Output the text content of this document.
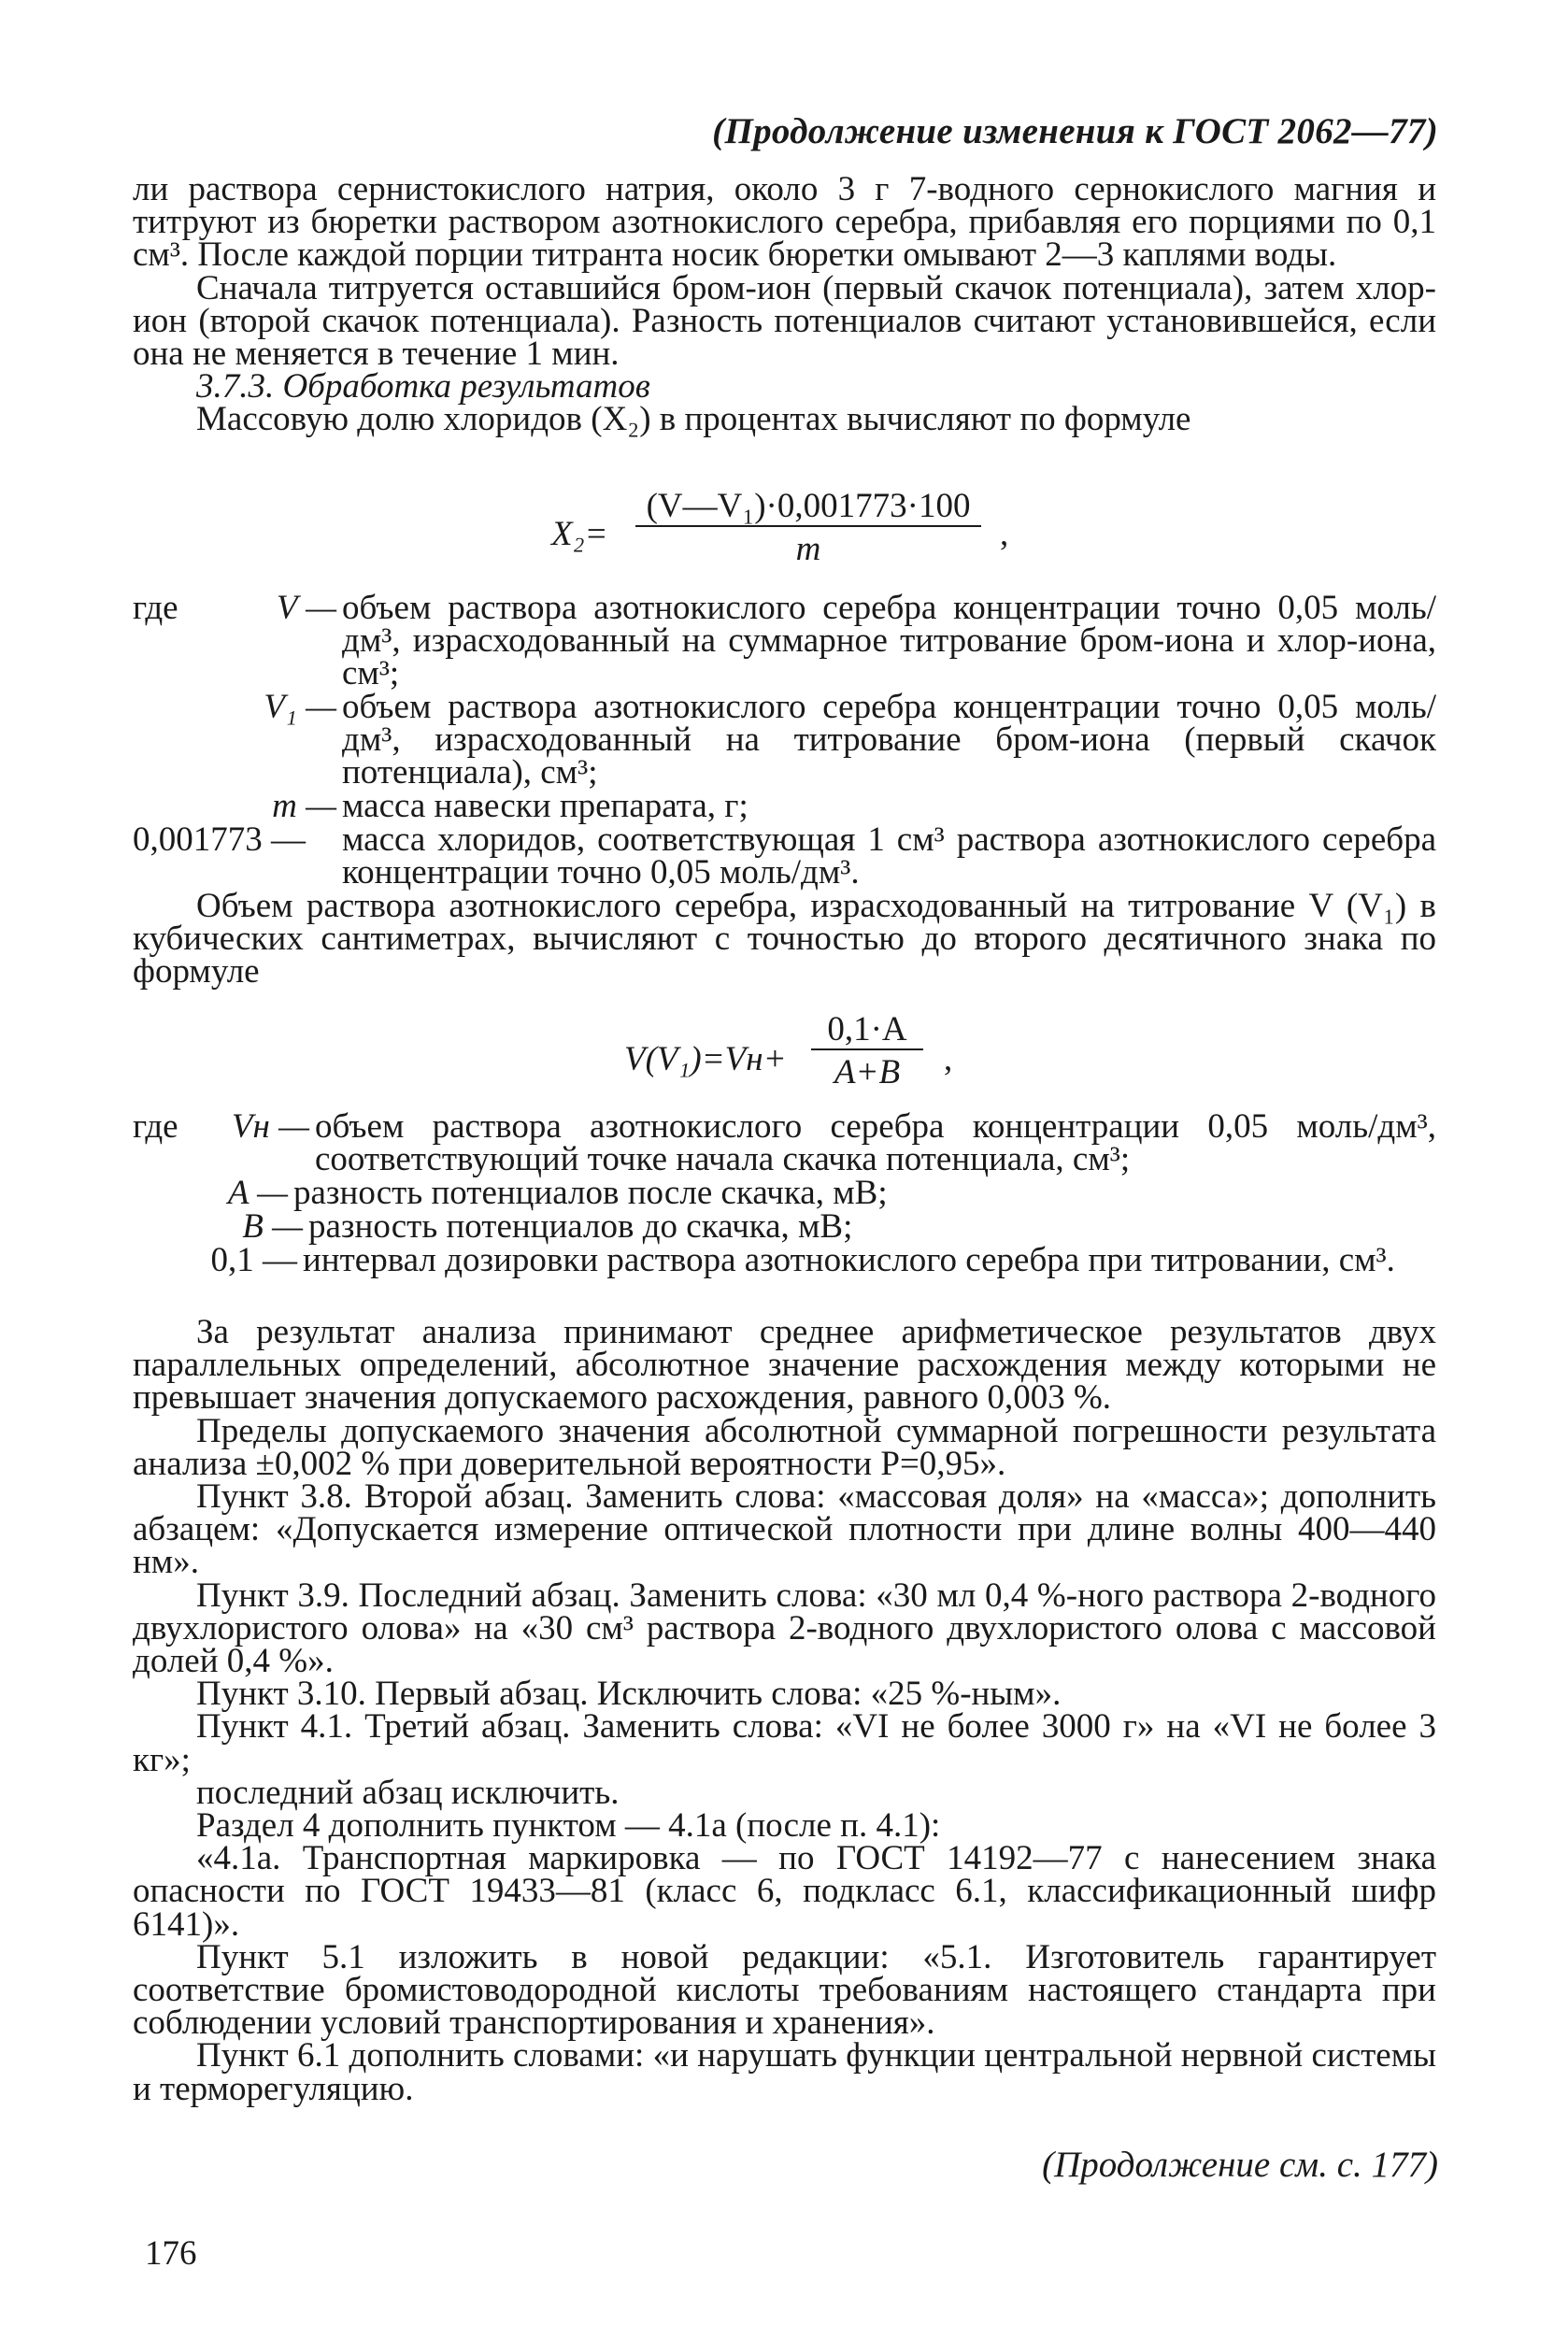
(Продолжение изменения к ГОСТ 2062—77)

ли раствора сернистокислого натрия, около 3 г 7-водного сернокислого магния и титруют из бюретки раствором азотнокислого серебра, прибавляя его порциями по 0,1 см³. После каждой порции титранта носик бюретки омывают 2—3 каплями воды.

Сначала титруется оставшийся бром-ион (первый скачок потенциала), затем хлор-ион (второй скачок потенциала). Разность потенциалов считают установившейся, если она не меняется в течение 1 мин.

3.7.3. Обработка результатов

Массовую долю хлоридов (X₂) в процентах вычисляют по формуле

X₂=
(V—V₁)·0,001773·100
m	,
где	V — объем раствора азотнокислого серебра концентрации точно 0,05 моль/дм³, израсходованный на суммарное титрование бром-иона и хлор-иона, см³;
V₁ — объем раствора азотнокислого серебра концентрации точно 0,05 моль/дм³, израсходованный на титрование бром-иона (первый скачок потенциала), см³;
m — масса навески препарата, г;
0,001773 —	масса хлоридов, соответствующая 1 см³ раствора азотнокислого серебра концентрации точно 0,05 моль/дм³.

Объем раствора азотнокислого серебра, израсходованный на титрование V (V₁) в кубических сантиметрах, вычисляют с точностью до второго десятичного знака по формуле

V(V₁)=Vн+
0,1·A
A+B	,
где	Vн — объем раствора азотнокислого серебра концентрации 0,05 моль/дм³, соответствующий точке начала скачка потенциала, см³;
A — разность потенциалов после скачка, мВ;
B — разность потенциалов до скачка, мВ;
0,1 — интервал дозировки раствора азотнокислого серебра при титровании, см³.

За результат анализа принимают среднее арифметическое результатов двух параллельных определений, абсолютное значение расхождения между которыми не превышает значения допускаемого расхождения, равного 0,003 %.

Пределы допускаемого значения абсолютной суммарной погрешности результата анализа ±0,002 % при доверительной вероятности P=0,95».

Пункт 3.8. Второй абзац. Заменить слова: «массовая доля» на «масса»; дополнить абзацем: «Допускается измерение оптической плотности при длине волны 400—440 нм».

Пункт 3.9. Последний абзац. Заменить слова: «30 мл 0,4 %-ного раствора 2-водного двухлористого олова» на «30 см³ раствора 2-водного двухлористого олова с массовой долей 0,4 %».

Пункт 3.10. Первый абзац. Исключить слова: «25 %-ным».

Пункт 4.1. Третий абзац. Заменить слова: «VI не более 3000 г» на «VI не более 3 кг»;

последний абзац исключить.

Раздел 4 дополнить пунктом — 4.1а (после п. 4.1):

«4.1а. Транспортная маркировка — по ГОСТ 14192—77 с нанесением знака опасности по ГОСТ 19433—81 (класс 6, подкласс 6.1, классификационный шифр 6141)».

Пункт 5.1 изложить в новой редакции: «5.1. Изготовитель гарантирует соответствие бромистоводородной кислоты требованиям настоящего стандарта при соблюдении условий транспортирования и хранения».

Пункт 6.1 дополнить словами: «и нарушать функции центральной нервной системы и терморегуляцию.

(Продолжение см. с. 177)
176
